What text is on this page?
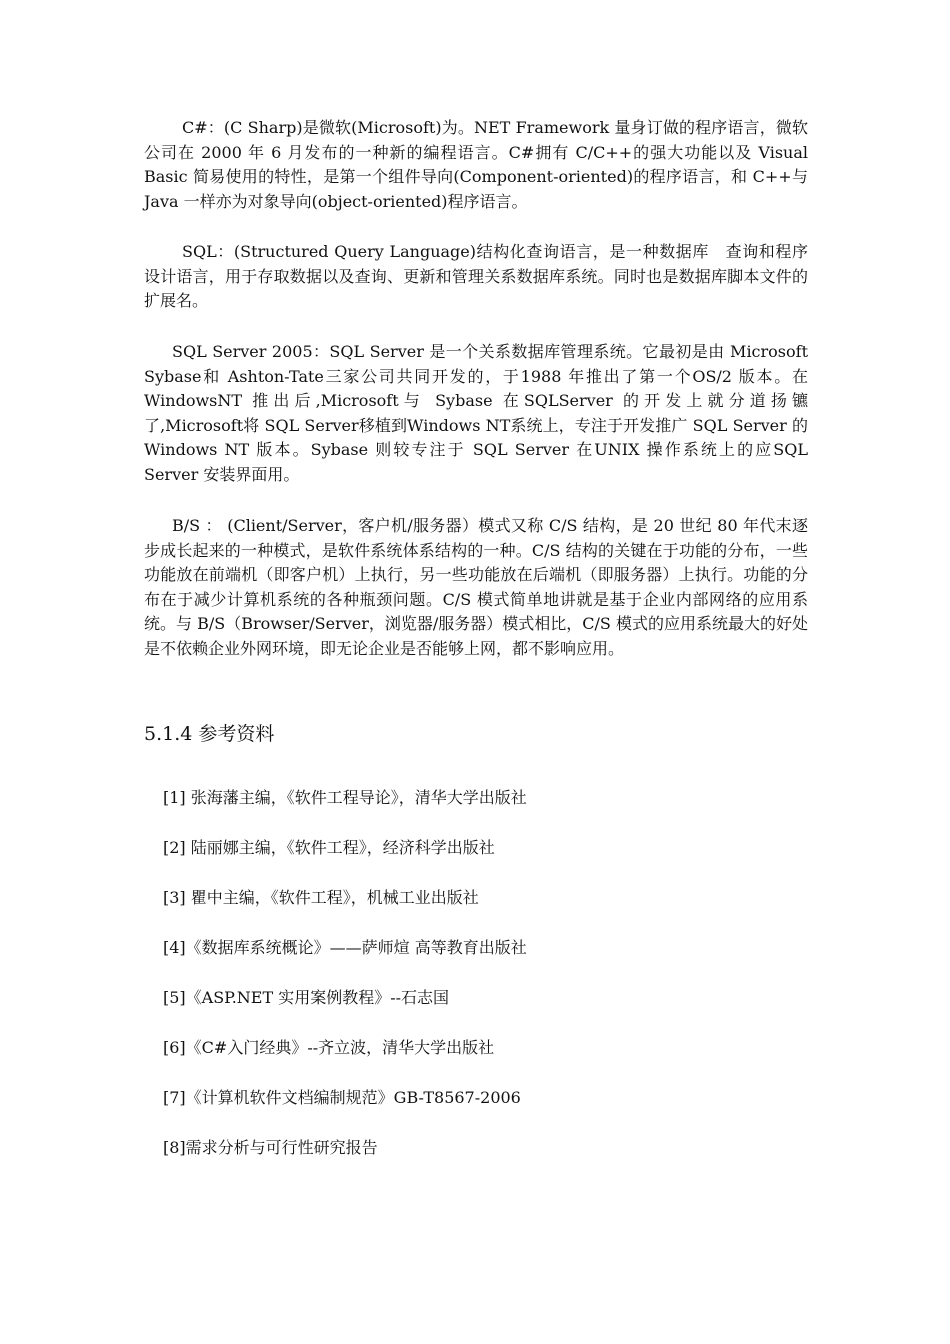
C#：(C Sharp)是微软(Microsoft)为。NET Framework 量身订做的程序语言，微软公司在 2000 年 6 月发布的一种新的编程语言。C#拥有 C/C++的强大功能以及 Visual Basic 简易使用的特性，是第一个组件导向(Component-oriented)的程序语言，和 C++与 Java 一样亦为对象导向(object-oriented)程序语言。

SQL：(Structured Query Language)结构化查询语言，是一种数据库　查询和程序设计语言，用于存取数据以及查询、更新和管理关系数据库系统。同时也是数据库脚本文件的扩展名。

SQL Server 2005：SQL Server 是一个关系数据库管理系统。它最初是由 Microsoft Sybase和 Ashton-Tate三家公司共同开发的，于1988 年推出了第一个OS/2 版本。在WindowsNT 推出后,Microsoft与 Sybase 在SQLServer 的开发上就分道扬镳了,Microsoft将 SQL Server移植到Windows NT系统上，专注于开发推广 SQL Server 的 Windows NT 版本。Sybase 则较专注于 SQL Server 在UNIX 操作系统上的应SQL Server 安装界面用。

B/S ： (Client/Server，客户机/服务器）模式又称 C/S 结构，是 20 世纪 80 年代末逐步成长起来的一种模式，是软件系统体系结构的一种。C/S 结构的关键在于功能的分布，一些功能放在前端机（即客户机）上执行，另一些功能放在后端机（即服务器）上执行。功能的分布在于减少计算机系统的各种瓶颈问题。C/S 模式简单地讲就是基于企业内部网络的应用系统。与 B/S（Browser/Server，浏览器/服务器）模式相比，C/S 模式的应用系统最大的好处是不依赖企业外网环境，即无论企业是否能够上网，都不影响应用。

5.1.4 参考资料
[1] 张海藩主编，《软件工程导论》，清华大学出版社
[2] 陆丽娜主编，《软件工程》，经济科学出版社
[3] 瞿中主编，《软件工程》，机械工业出版社
[4]《数据库系统概论》——萨师煊 高等教育出版社
[5]《ASP.NET 实用案例教程》--石志国
[6]《C#入门经典》--齐立波，清华大学出版社
[7]《计算机软件文档编制规范》GB-T8567-2006
[8]需求分析与可行性研究报告
